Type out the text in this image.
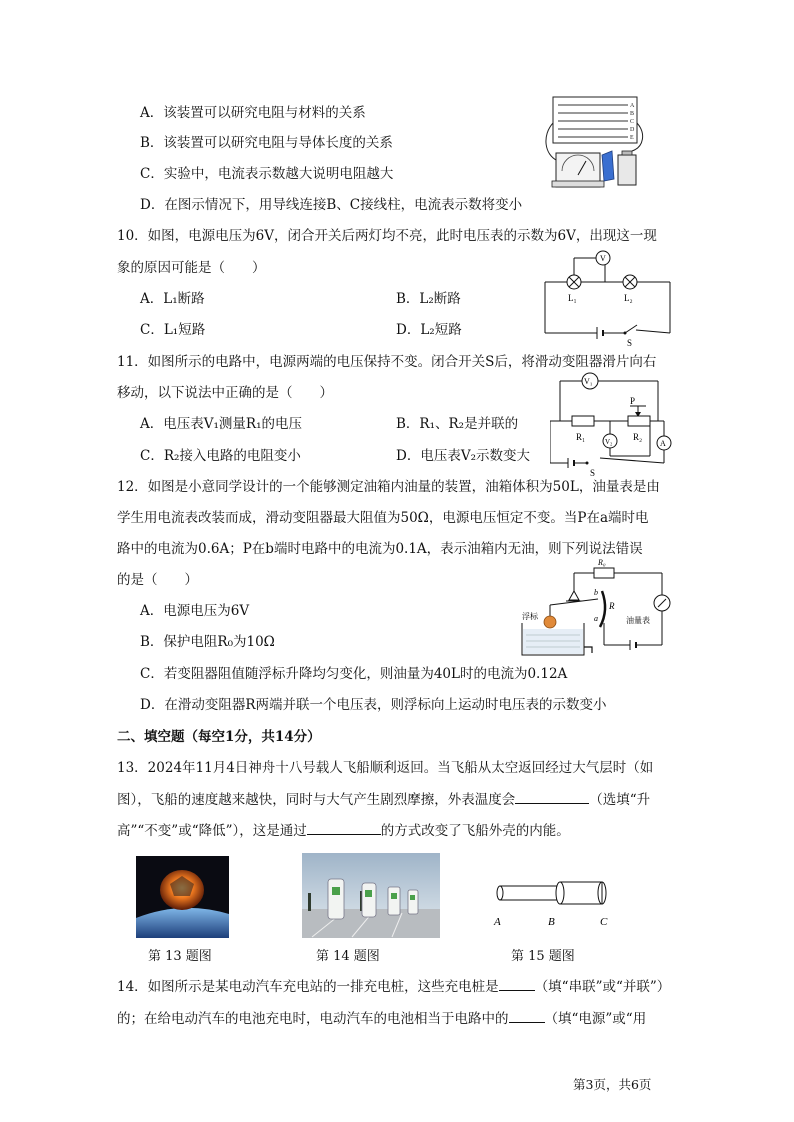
A．该装置可以研究电阻与材料的关系
B．该装置可以研究电阻与导体长度的关系
C．实验中，电流表示数越大说明电阻越大
D．在图示情况下，用导线连接B、C接线柱，电流表示数将变小
A
B
C
D
E
10．如图，电源电压为6V，闭合开关后两灯均不亮，此时电压表的示数为6V，出现这一现
象的原因可能是（　　）
A．L₁断路	B．L₂断路
C．L₁短路	D．L₂短路
V
L₁	L₂
S
11．如图所示的电路中，电源两端的电压保持不变。闭合开关S后，将滑动变阻器滑片向右
移动，以下说法中正确的是（　　）
A．电压表V₁测量R₁的电压	B．R₁、R₂是并联的
C．R₂接入电路的电阻变小	D．电压表V₂示数变大
R₁	R₂
P
V₁
V₂	A
S
12．如图是小意同学设计的一个能够测定油箱内油量的装置，油箱体积为50L，油量表是由
学生用电流表改装而成，滑动变阻器最大阻值为50Ω，电源电压恒定不变。当P在a端时电
路中的电流为0.6A；P在b端时电路中的电流为0.1A，表示油箱内无油，则下列说法错误
的是（　　）
A．电源电压为6V
B．保护电阻R₀为10Ω
C．若变阻器阻值随浮标升降均匀变化，则油量为40L时的电流为0.12A
D．在滑动变阻器R两端并联一个电压表，则浮标向上运动时电压表的示数变小
R₀
b
R
a	油量表
浮标
二、填空题（每空1分，共14分）
13．2024年11月4日神舟十八号载人飞船顺利返回。当飞船从太空返回经过大气层时（如
图），飞船的速度越来越快，同时与大气产生剧烈摩擦，外表温度会	（选填“升
高”“不变”或“降低”），这是通过	的方式改变了飞船外壳的内能。
A	B	C
第 13 题图	第 14 题图	第 15 题图
14．如图所示是某电动汽车充电站的一排充电桩，这些充电桩是	（填“串联”或“并联”）
的；在给电动汽车的电池充电时，电动汽车的电池相当于电路中的	（填“电源”或“用
第3页，共6页
